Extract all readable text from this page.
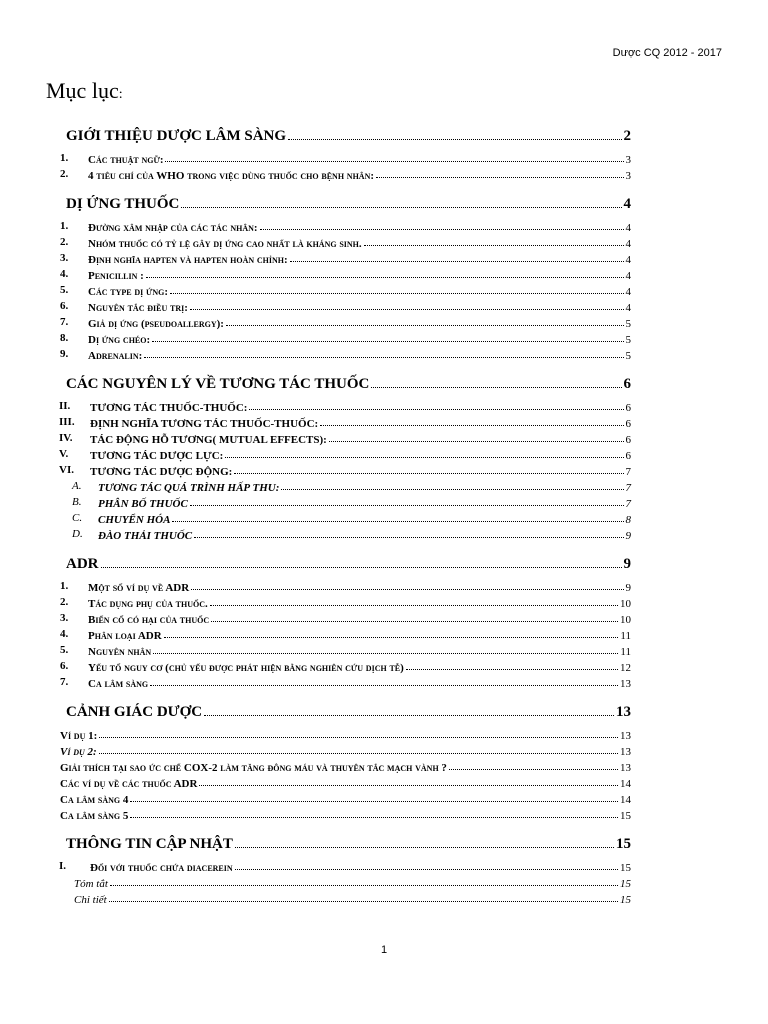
Dược CQ 2012 - 2017
Mục lục:
GIỚI THIỆU DƯỢC LÂM SÀNG	2
1.	Các thuật ngữ:	3
2.	4 tiêu chí của WHO trong việc dùng thuốc cho bệnh nhân:	3
DỊ ỨNG THUỐC	4
1.	Đường xâm nhập của các tác nhân:	4
2.	Nhóm thuốc có tỷ lệ gây dị ứng cao nhất là kháng sinh.	4
3.	Định nghĩa hapten và hapten hoàn chỉnh:	4
4.	Penicillin :	4
5.	Các type dị ứng:	4
6.	Nguyên tắc điều trị:	4
7.	Giả dị ứng (pseudoallergy):	5
8.	Dị ứng chéo:	5
9.	Adrenalin:	5
CÁC NGUYÊN LÝ VỀ TƯƠNG TÁC THUỐC	6
II.	TƯƠNG TÁC THUỐC-THUỐC:	6
III.	ĐỊNH NGHĨA TƯƠNG TÁC THUỐC-THUỐC:	6
IV.	TÁC ĐỘNG HỖ TƯƠNG( MUTUAL EFFECTS):	6
V.	TƯƠNG TÁC DƯỢC LỰC:	6
VI.	TƯƠNG TÁC DƯỢC ĐỘNG:	7
A.	TƯƠNG TÁC QUÁ TRÌNH HẤP THU:	7
B.	PHÂN BỐ THUỐC	7
C.	CHUYỂN HÓA	8
D.	ĐÀO THẢI THUỐC	9
ADR	9
1.	Một số ví dụ về ADR	9
2.	Tác dụng phụ của thuốc.	10
3.	Biến cố có hại của thuốc	10
4.	Phân loại ADR	11
5.	Nguyên nhân	11
6.	Yếu tố nguy cơ (chủ yếu được phát hiện bằng nghiên cứu dịch tễ)	12
7.	Ca lâm sàng	13
CẢNH GIÁC DƯỢC	13
Ví dụ 1:	13
Ví dụ 2:	13
Giải thích tại sao ức chế COX-2 làm tăng đông máu và thuyên tắc mạch vành ?	13
Các ví dụ về các thuốc ADR	14
Ca lâm sàng 4	14
Ca lâm sàng 5	15
THÔNG TIN CẬP NHẬT	15
I.	Đối với thuốc chứa diacerein	15
Tóm tắt	15
Chi tiết	15
1
